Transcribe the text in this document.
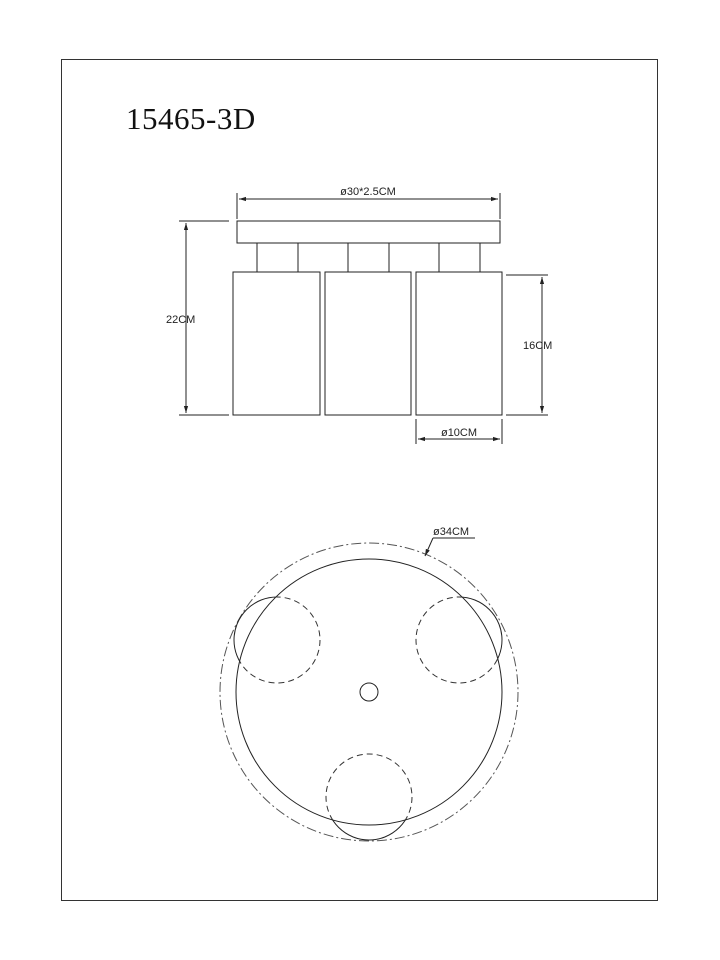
15465-3D
ø30*2.5CM
22CM
16CM
ø10CM
ø34CM
